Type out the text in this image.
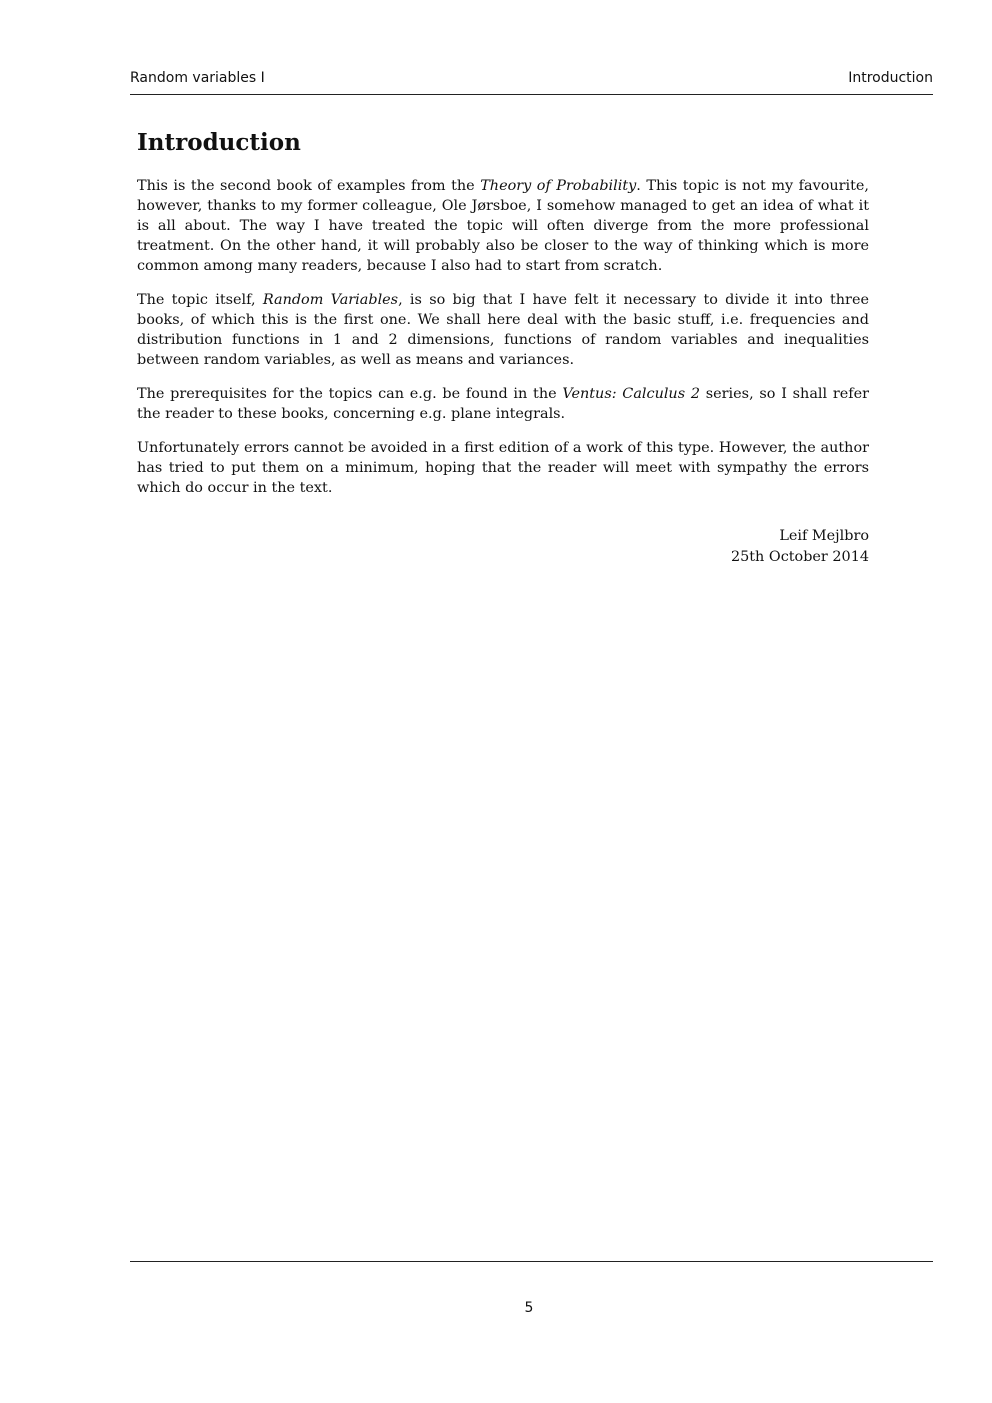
Random variables I	Introduction
Introduction

This is the second book of examples from the Theory of Probability. This topic is not my favourite, however, thanks to my former colleague, Ole Jørsboe, I somehow managed to get an idea of what it is all about. The way I have treated the topic will often diverge from the more professional treatment. On the other hand, it will probably also be closer to the way of thinking which is more common among many readers, because I also had to start from scratch.

The topic itself, Random Variables, is so big that I have felt it necessary to divide it into three books, of which this is the first one. We shall here deal with the basic stuff, i.e. frequencies and distribution functions in 1 and 2 dimensions, functions of random variables and inequalities between random variables, as well as means and variances.

The prerequisites for the topics can e.g. be found in the Ventus: Calculus 2 series, so I shall refer the reader to these books, concerning e.g. plane integrals.

Unfortunately errors cannot be avoided in a first edition of a work of this type. However, the author has tried to put them on a minimum, hoping that the reader will meet with sympathy the errors which do occur in the text.

Leif Mejlbro
25th October 2014
5
